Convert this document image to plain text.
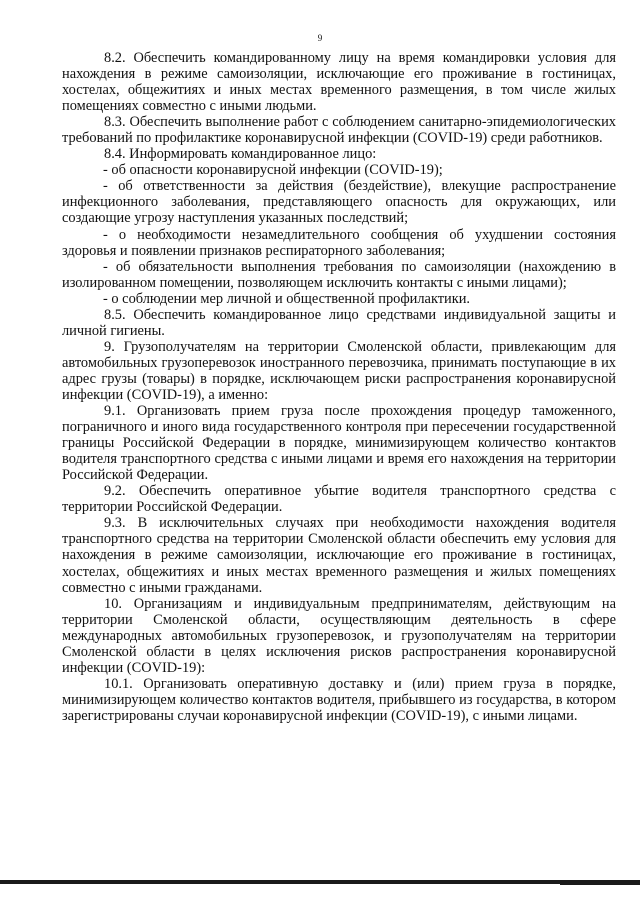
9

8.2. Обеспечить командированному лицу на время командировки условия для нахождения в режиме самоизоляции, исключающие его проживание в гостиницах, хостелах, общежитиях и иных местах временного размещения, в том числе жилых помещениях совместно с иными людьми.

8.3. Обеспечить выполнение работ с соблюдением санитарно-эпидемиологических требований по профилактике коронавирусной инфекции (COVID-19) среди работников.

8.4. Информировать командированное лицо:

- об опасности коронавирусной инфекции (COVID-19);

- об ответственности за действия (бездействие), влекущие распространение инфекционного заболевания, представляющего опасность для окружающих, или создающие угрозу наступления указанных последствий;

- о необходимости незамедлительного сообщения об ухудшении состояния здоровья и появлении признаков респираторного заболевания;

- об обязательности выполнения требования по самоизоляции (нахождению в изолированном помещении, позволяющем исключить контакты с иными лицами);

- о соблюдении мер личной и общественной профилактики.

8.5. Обеспечить командированное лицо средствами индивидуальной защиты и личной гигиены.

9. Грузополучателям на территории Смоленской области, привлекающим для автомобильных грузоперевозок иностранного перевозчика, принимать поступающие в их адрес грузы (товары) в порядке, исключающем риски распространения коронавирусной инфекции (COVID-19), а именно:

9.1. Организовать прием груза после прохождения процедур таможенного, пограничного и иного вида государственного контроля при пересечении государственной границы Российской Федерации в порядке, минимизирующем количество контактов водителя транспортного средства с иными лицами и время его нахождения на территории Российской Федерации.

9.2. Обеспечить оперативное убытие водителя транспортного средства с территории Российской Федерации.

9.3. В исключительных случаях при необходимости нахождения водителя транспортного средства на территории Смоленской области обеспечить ему условия для нахождения в режиме самоизоляции, исключающие его проживание в гостиницах, хостелах, общежитиях и иных местах временного размещения и жилых помещениях совместно с иными гражданами.

10. Организациям и индивидуальным предпринимателям, действующим на территории Смоленской области, осуществляющим деятельность в сфере международных автомобильных грузоперевозок, и грузополучателям на территории Смоленской области в целях исключения рисков распространения коронавирусной инфекции (COVID-19):

10.1. Организовать оперативную доставку и (или) прием груза в порядке, минимизирующем количество контактов водителя, прибывшего из государства, в котором зарегистрированы случаи коронавирусной инфекции (COVID-19), с иными лицами.
